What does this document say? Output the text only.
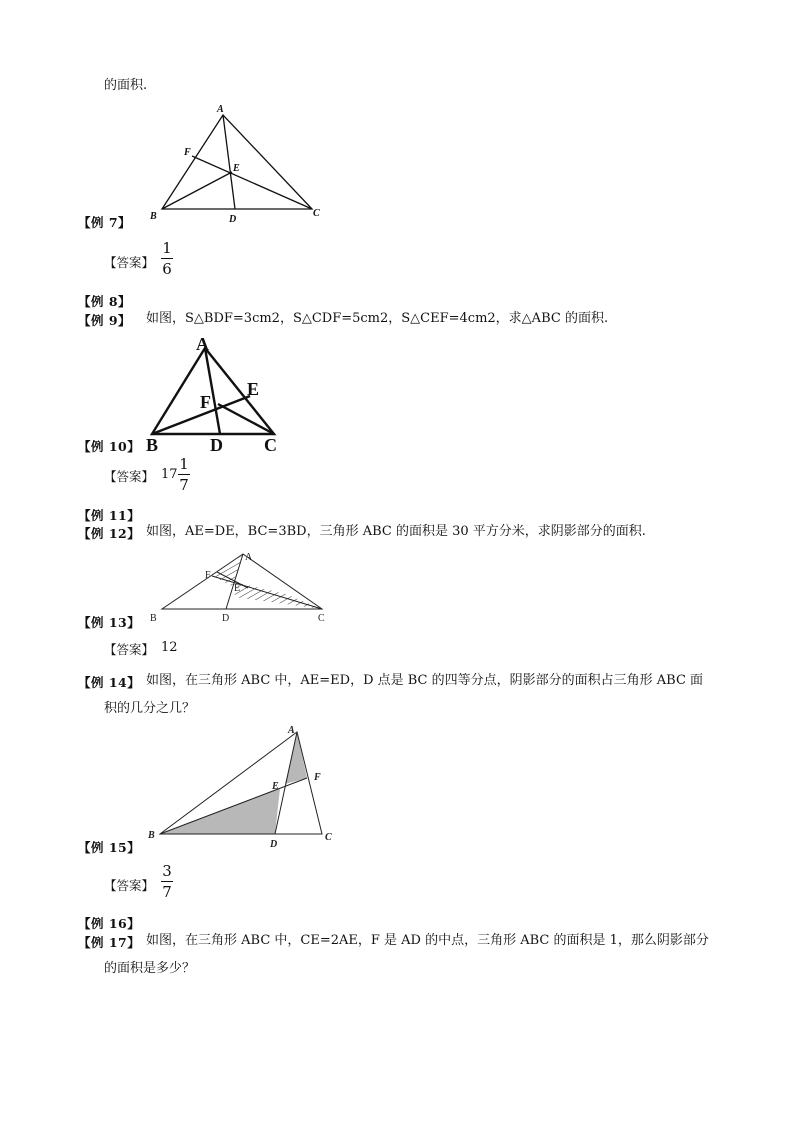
的面积.
A
F
E
B	D
C
【例 7】
【答案】
1
6
【例 8】
【例 9】 如图，S△BDF=3cm2，S△CDF=5cm2，S△CEF=4cm2，求△ABC 的面积.
A
E
F
B	D C
【例 10】
【答案】 17
1
7
【例 11】
【例 12】 如图，AE=DE，BC=3BD，三角形 ABC 的面积是 30 平方分米，求阴影部分的面积.
A
F
E
B	D	C
【例 13】
【答案】 12
【例 14】 如图，在三角形 ABC 中，AE=ED，D 点是 BC 的四等分点，阴影部分的面积占三角形 ABC 面
积的几分之几？
A
F
E
B
D
C
【例 15】
【答案】
3
7
【例 16】
【例 17】 如图，在三角形 ABC 中，CE=2AE，F 是 AD 的中点，三角形 ABC 的面积是 1，那么阴影部分
的面积是多少？
